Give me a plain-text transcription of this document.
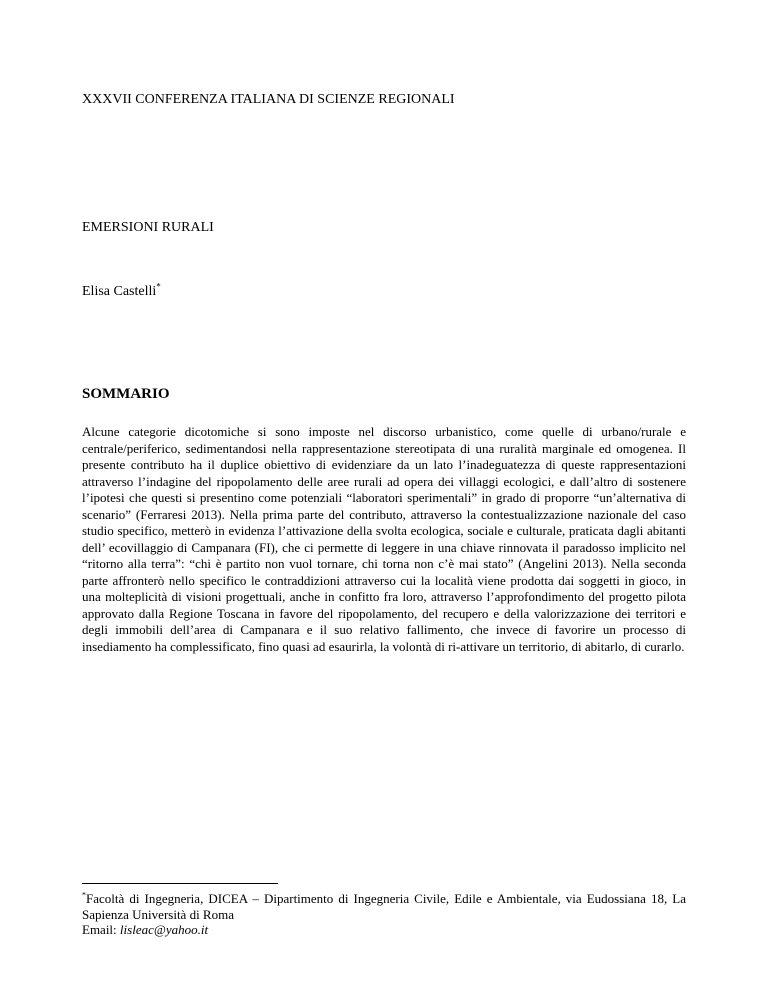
XXXVII CONFERENZA ITALIANA DI SCIENZE REGIONALI
EMERSIONI RURALI
Elisa Castelli*
SOMMARIO

Alcune categorie dicotomiche si sono imposte nel discorso urbanistico, come quelle di urbano/rurale e centrale/periferico, sedimentandosi nella rappresentazione stereotipata di una ruralità marginale ed omogenea. Il presente contributo ha il duplice obiettivo di evidenziare da un lato l’inadeguatezza di queste rappresentazioni attraverso l’indagine del ripopolamento delle aree rurali ad opera dei villaggi ecologici, e dall’altro di sostenere l’ipotesi che questi si presentino come potenziali “laboratori sperimentali” in grado di proporre “un’alternativa di scenario” (Ferraresi 2013). Nella prima parte del contributo, attraverso la contestualizzazione nazionale del caso studio specifico, metterò in evidenza l’attivazione della svolta ecologica, sociale e culturale, praticata dagli abitanti dell’ ecovillaggio di Campanara (FI), che ci permette di leggere in una chiave rinnovata il paradosso implicito nel “ritorno alla terra”: “chi è partito non vuol tornare, chi torna non c’è mai stato” (Angelini 2013). Nella seconda parte affronterò nello specifico le contraddizioni attraverso cui la località viene prodotta dai soggetti in gioco, in una molteplicità di visioni progettuali, anche in confitto fra loro, attraverso l’approfondimento del progetto pilota approvato dalla Regione Toscana in favore del ripopolamento, del recupero e della valorizzazione dei territori e degli immobili dell’area di Campanara e il suo relativo fallimento, che invece di favorire un processo di insediamento ha complessificato, fino quasi ad esaurirla, la volontà di ri-attivare un territorio, di abitarlo, di curarlo.

*Facoltà di Ingegneria, DICEA – Dipartimento di Ingegneria Civile, Edile e Ambientale, via Eudossiana 18, La Sapienza Università di Roma
Email: lisleac@yahoo.it
